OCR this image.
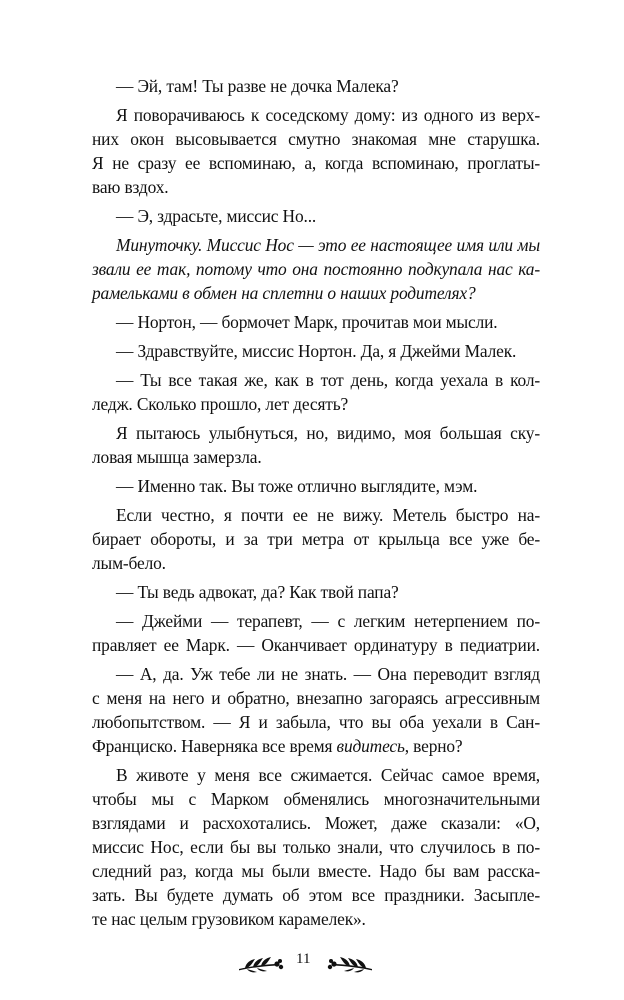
— Эй, там! Ты разве не дочка Малека?
Я поворачиваюсь к соседскому дому: из одного из верх-
них окон высовывается смутно знакомая мне старушка.
Я не сразу ее вспоминаю, а, когда вспоминаю, проглаты-
ваю вздох.
— Э, здрасьте, миссис Но...
Минуточку. Миссис Нос — это ее настоящее имя или мы
звали ее так, потому что она постоянно подкупала нас ка-
рамельками в обмен на сплетни о наших родителях?
— Нортон, — бормочет Марк, прочитав мои мысли.
— Здравствуйте, миссис Нортон. Да, я Джейми Малек.
— Ты все такая же, как в тот день, когда уехала в кол-
ледж. Сколько прошло, лет десять?
Я пытаюсь улыбнуться, но, видимо, моя большая ску-
ловая мышца замерзла.
— Именно так. Вы тоже отлично выглядите, мэм.
Если честно, я почти ее не вижу. Метель быстро на-
бирает обороты, и за три метра от крыльца все уже бе-
лым-бело.
— Ты ведь адвокат, да? Как твой папа?
— Джейми — терапевт, — с легким нетерпением по-
правляет ее Марк. — Оканчивает ординатуру в педиатрии.
— А, да. Уж тебе ли не знать. — Она переводит взгляд
с меня на него и обратно, внезапно загораясь агрессивным
любопытством. — Я и забыла, что вы оба уехали в Сан-
Франциско. Наверняка все время видитесь, верно?
В животе у меня все сжимается. Сейчас самое время,
чтобы мы с Марком обменялись многозначительными
взглядами и расхохотались. Может, даже сказали: «О,
миссис Нос, если бы вы только знали, что случилось в по-
следний раз, когда мы были вместе. Надо бы вам расска-
зать. Вы будете думать об этом все праздники. Засыпле-
те нас целым грузовиком карамелек».
11
